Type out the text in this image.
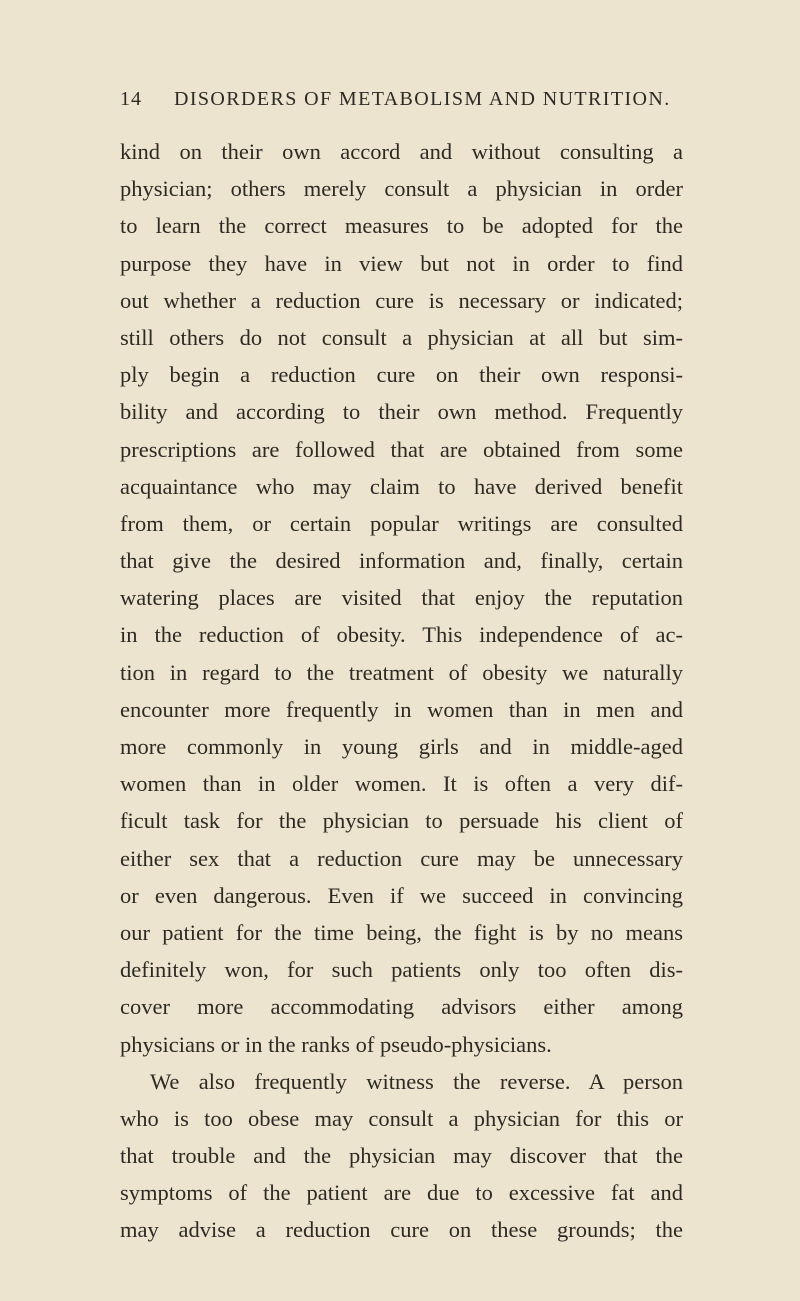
14 DISORDERS OF METABOLISM AND NUTRITION.
kind on their own accord and without consulting a
physician; others merely consult a physician in order
to learn the correct measures to be adopted for the
purpose they have in view but not in order to find
out whether a reduction cure is necessary or indicated;
still others do not consult a physician at all but sim-
ply begin a reduction cure on their own responsi-
bility and according to their own method. Frequently
prescriptions are followed that are obtained from some
acquaintance who may claim to have derived benefit
from them, or certain popular writings are consulted
that give the desired information and, finally, certain
watering places are visited that enjoy the reputation
in the reduction of obesity. This independence of ac-
tion in regard to the treatment of obesity we naturally
encounter more frequently in women than in men and
more commonly in young girls and in middle-aged
women than in older women. It is often a very dif-
ficult task for the physician to persuade his client of
either sex that a reduction cure may be unnecessary
or even dangerous. Even if we succeed in convincing
our patient for the time being, the fight is by no means
definitely won, for such patients only too often dis-
cover more accommodating advisors either among
physicians or in the ranks of pseudo-physicians.
We also frequently witness the reverse. A person
who is too obese may consult a physician for this or
that trouble and the physician may discover that the
symptoms of the patient are due to excessive fat and
may advise a reduction cure on these grounds; the
